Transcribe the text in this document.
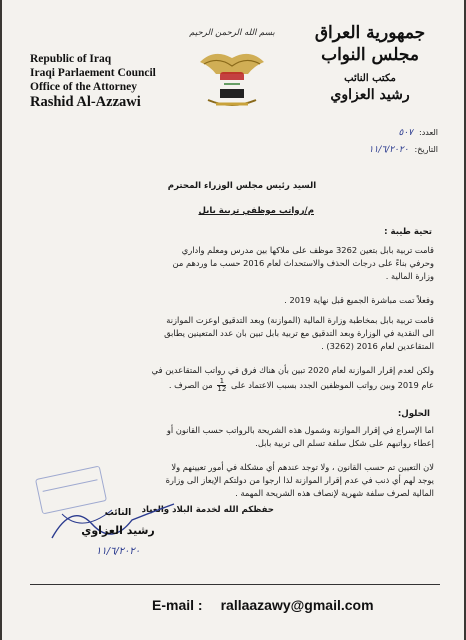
Republic of Iraq
Iraqi Parlaement Council
Office of the Attorney
Rashid Al-Azzawi
بسم الله الرحمن الرحيم	جمهورية العراق
مجلس النواب
مكتب النائب
رشيد العزاوي
العدد:٥٠٧
التاريخ:١١/٦/٢٠٢٠
السيد رئيس مجلس الوزراء المحترم
م/رواتب موظفي تربية بابل
تحية طيبة :
قامت تربية بابل بتعين 3262 موظف على ملاكها بين مدرس ومعلم واداري
وحرفي بناءً على درجات الحذف والاستحداث لعام 2016 حسب ما وردهم من
وزارة المالية .
وفعلاً تمت مباشرة الجميع قبل نهاية 2019 .
قامت تربية بابل بمخاطبة وزارة المالية (الموازنة) وبعد التدقيق اوعزت الموازنة
الى النقدية في الوزارة وبعد التدقيق مع تربية بابل تبين بان عدد المتعينين يطابق
المتقاعدين لعام 2016 (3262) .
ولكن لعدم إقرار الموازنة لعام 2020 تبين بأن هناك فرق في رواتب المتقاعدين في
عام 2019 وبين رواتب الموظفين الجدد بسبب الاعتماد على
$\frac{1}{12}$
من الصرف .
الحلول:
اما الإسراع في إقرار الموازنة وشمول هذه الشريحة بالرواتب حسب القانون أو
إعطاء رواتبهم على شكل سلفة تسلم الى تربية بابل.
لان التعيين تم حسب القانون ، ولا توجد عندهم أي مشكلة في أمور تعيينهم ولا
يوجد لهم أي ذنب في عدم إقرار الموازنة لذا ارجوا من دولتكم الإيعاز الى وزارة
المالية لصرف سلفة شهرية لإنصاف هذه الشريحة المهمة .
حفظكم الله لخدمة البلاد والعباد
النائب
رشيد العزاوي
١١/٦/٢٠٢٠
E-mail : rallaazawy@gmail.com
